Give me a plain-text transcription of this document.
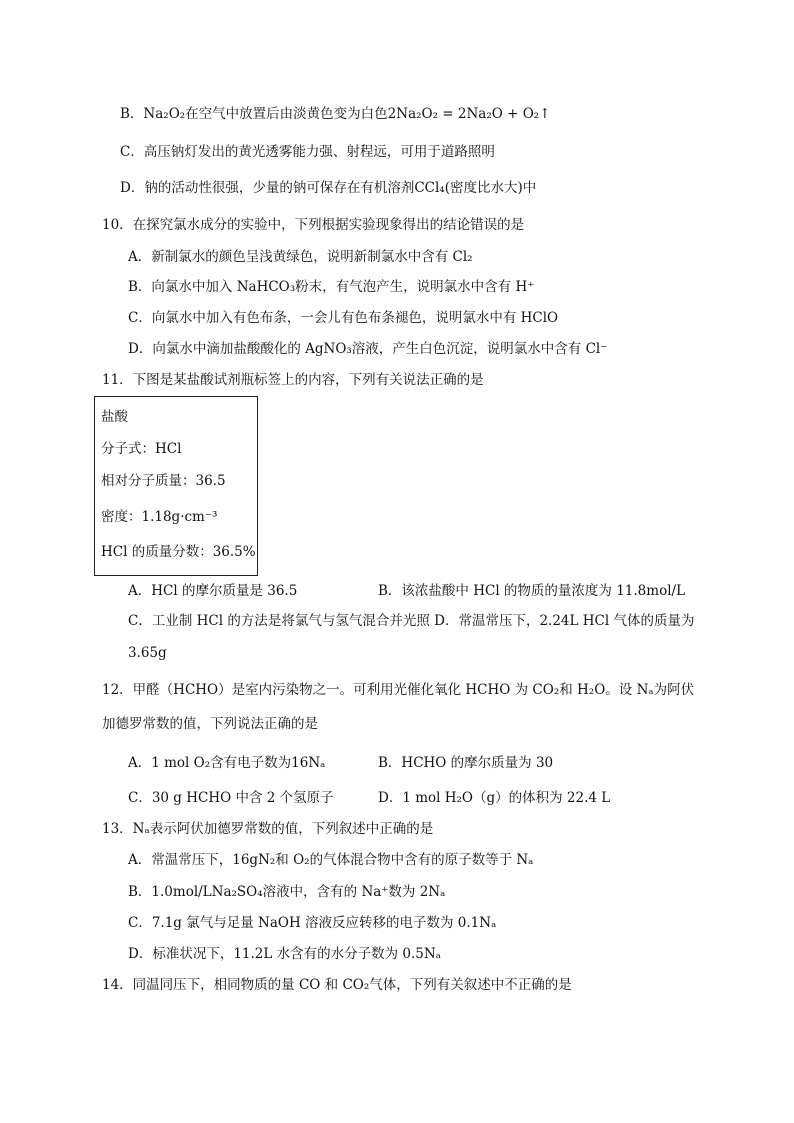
B．Na₂O₂在空气中放置后由淡黄色变为白色2Na₂O₂ = 2Na₂O + O₂↑
C．高压钠灯发出的黄光透雾能力强、射程远，可用于道路照明
D．钠的活动性很强，少量的钠可保存在有机溶剂CCl₄(密度比水大)中
10．在探究氯水成分的实验中，下列根据实验现象得出的结论错误的是
A．新制氯水的颜色呈浅黄绿色，说明新制氯水中含有 Cl₂
B．向氯水中加入 NaHCO₃粉末，有气泡产生，说明氯水中含有 H⁺
C．向氯水中加入有色布条，一会儿有色布条褪色，说明氯水中有 HClO
D．向氯水中滴加盐酸酸化的 AgNO₃溶液，产生白色沉淀，说明氯水中含有 Cl⁻
11．下图是某盐酸试剂瓶标签上的内容，下列有关说法正确的是
盐酸
分子式：HCl
相对分子质量：36.5
密度：1.18g·cm⁻³
HCl 的质量分数：36.5%
A．HCl 的摩尔质量是 36.5	B．该浓盐酸中 HCl 的物质的量浓度为 11.8mol/L
C．工业制 HCl 的方法是将氯气与氢气混合并光照 D．常温常压下，2.24L HCl 气体的质量为
3.65g
12．甲醛（HCHO）是室内污染物之一。可利用光催化氧化 HCHO 为 CO₂和 H₂O。设 Nₐ为阿伏
加德罗常数的值，下列说法正确的是
A．1 mol O₂含有电子数为16Nₐ	B．HCHO 的摩尔质量为 30
C．30 g HCHO 中含 2 个氢原子	D．1 mol H₂O（g）的体积为 22.4 L
13．Nₐ表示阿伏加德罗常数的值，下列叙述中正确的是
A．常温常压下，16gN₂和 O₂的气体混合物中含有的原子数等于 Nₐ
B．1.0mol/LNa₂SO₄溶液中，含有的 Na⁺数为 2Nₐ
C．7.1g 氯气与足量 NaOH 溶液反应转移的电子数为 0.1Nₐ
D．标准状况下，11.2L 水含有的水分子数为 0.5Nₐ
14．同温同压下，相同物质的量 CO 和 CO₂气体，下列有关叙述中不正确的是
